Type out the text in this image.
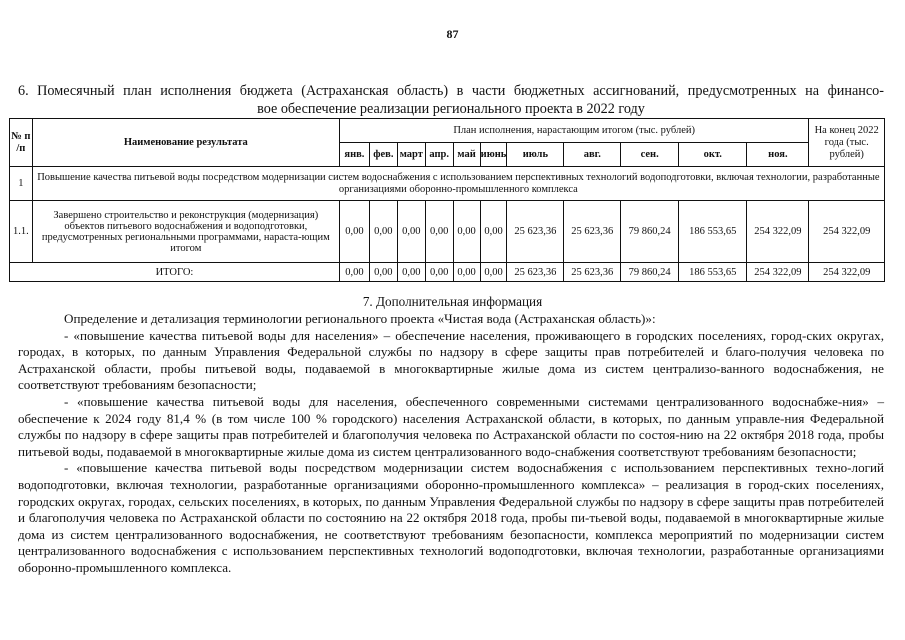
87
6. Помесячный план исполнения бюджета (Астраханская область) в части бюджетных ассигнований, предусмотренных на финансо-
вое обеспечение реализации регионального проекта в 2022 году
№ п /п	Наименование результата	План исполнения, нарастающим итогом (тыс. рублей)											На конец 2022 года (тыс. рублей)
		янв.	фев.	март	апр.	май	июнь	июль	авг.	сен.	окт.	ноя.	
1	Повышение качества питьевой воды посредством модернизации систем водоснабжения с использованием перспективных технологий водоподготовки, включая технологии, разработанные организациями оборонно-промышленного комплекса												
1.1.	Завершено строительство и реконструкция (модернизация) объектов питьевого водоснабжения и водоподготовки, предусмотренных региональными программами, нараста-ющим итогом	0,00	0,00	0,00	0,00	0,00	0,00	25 623,36	25 623,36	79 860,24	186 553,65	254 322,09	254 322,09
ИТОГО:		0,00	0,00	0,00	0,00	0,00	0,00	25 623,36	25 623,36	79 860,24	186 553,65	254 322,09	254 322,09
7. Дополнительная информация

Определение и детализация терминологии регионального проекта «Чистая вода (Астраханская область)»:

- «повышение качества питьевой воды для населения» – обеспечение населения, проживающего в городских поселениях, город-ских округах, городах, в которых, по данным Управления Федеральной службы по надзору в сфере защиты прав потребителей и благо-получия человека по Астраханской области, пробы питьевой воды, подаваемой в многоквартирные жилые дома из систем централизо-ванного водоснабжения, не соответствуют требованиям безопасности;

- «повышение качества питьевой воды для населения, обеспеченного современными системами централизованного водоснабже-ния» – обеспечение к 2024 году 81,4 % (в том числе 100 % городского) населения Астраханской области, в которых, по данным управле-ния Федеральной службы по надзору в сфере защиты прав потребителей и благополучия человека по Астраханской области по состоя-нию на 22 октября 2018 года, пробы питьевой воды, подаваемой в многоквартирные жилые дома из систем централизованного водо-снабжения соответствуют требованиям безопасности;

- «повышение качества питьевой воды посредством модернизации систем водоснабжения с использованием перспективных техно-логий водоподготовки, включая технологии, разработанные организациями оборонно-промышленного комплекса» – реализация в город-ских поселениях, городских округах, городах, сельских поселениях, в которых, по данным Управления Федеральной службы по надзору в сфере защиты прав потребителей и благополучия человека по Астраханской области по состоянию на 22 октября 2018 года, пробы пи-тьевой воды, подаваемой в многоквартирные жилые дома из систем централизованного водоснабжения, не соответствуют требованиям безопасности, комплекса мероприятий по модернизации систем централизованного водоснабжения с использованием перспективных технологий водоподготовки, включая технологии, разработанные организациями оборонно-промышленного комплекса.
